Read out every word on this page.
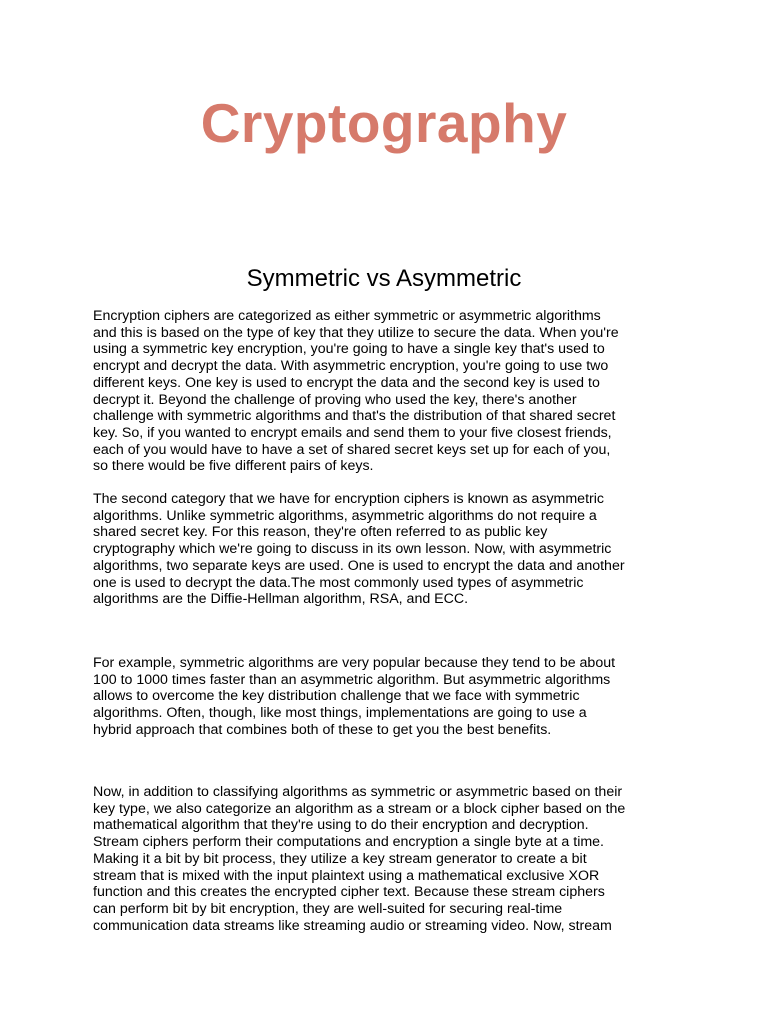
Cryptography
Symmetric vs Asymmetric

Encryption ciphers are categorized as either symmetric or asymmetric algorithms
and this is based on the type of key that they utilize to secure the data. When you're
using a symmetric key encryption, you're going to have a single key that's used to
encrypt and decrypt the data. With asymmetric encryption, you're going to use two
different keys. One key is used to encrypt the data and the second key is used to
decrypt it. Beyond the challenge of proving who used the key, there's another
challenge with symmetric algorithms and that's the distribution of that shared secret
key. So, if you wanted to encrypt emails and send them to your five closest friends,
each of you would have to have a set of shared secret keys set up for each of you,
so there would be five different pairs of keys.

The second category that we have for encryption ciphers is known as asymmetric
algorithms. Unlike symmetric algorithms, asymmetric algorithms do not require a
shared secret key. For this reason, they're often referred to as public key
cryptography which we're going to discuss in its own lesson. Now, with asymmetric
algorithms, two separate keys are used. One is used to encrypt the data and another
one is used to decrypt the data.The most commonly used types of asymmetric
algorithms are the Diffie-Hellman algorithm, RSA, and ECC.

For example, symmetric algorithms are very popular because they tend to be about
100 to 1000 times faster than an asymmetric algorithm. But asymmetric algorithms
allows to overcome the key distribution challenge that we face with symmetric
algorithms. Often, though, like most things, implementations are going to use a
hybrid approach that combines both of these to get you the best benefits.

Now, in addition to classifying algorithms as symmetric or asymmetric based on their
key type, we also categorize an algorithm as a stream or a block cipher based on the
mathematical algorithm that they're using to do their encryption and decryption.
Stream ciphers perform their computations and encryption a single byte at a time.
Making it a bit by bit process, they utilize a key stream generator to create a bit
stream that is mixed with the input plaintext using a mathematical exclusive XOR
function and this creates the encrypted cipher text. Because these stream ciphers
can perform bit by bit encryption, they are well-suited for securing real-time
communication data streams like streaming audio or streaming video. Now, stream
